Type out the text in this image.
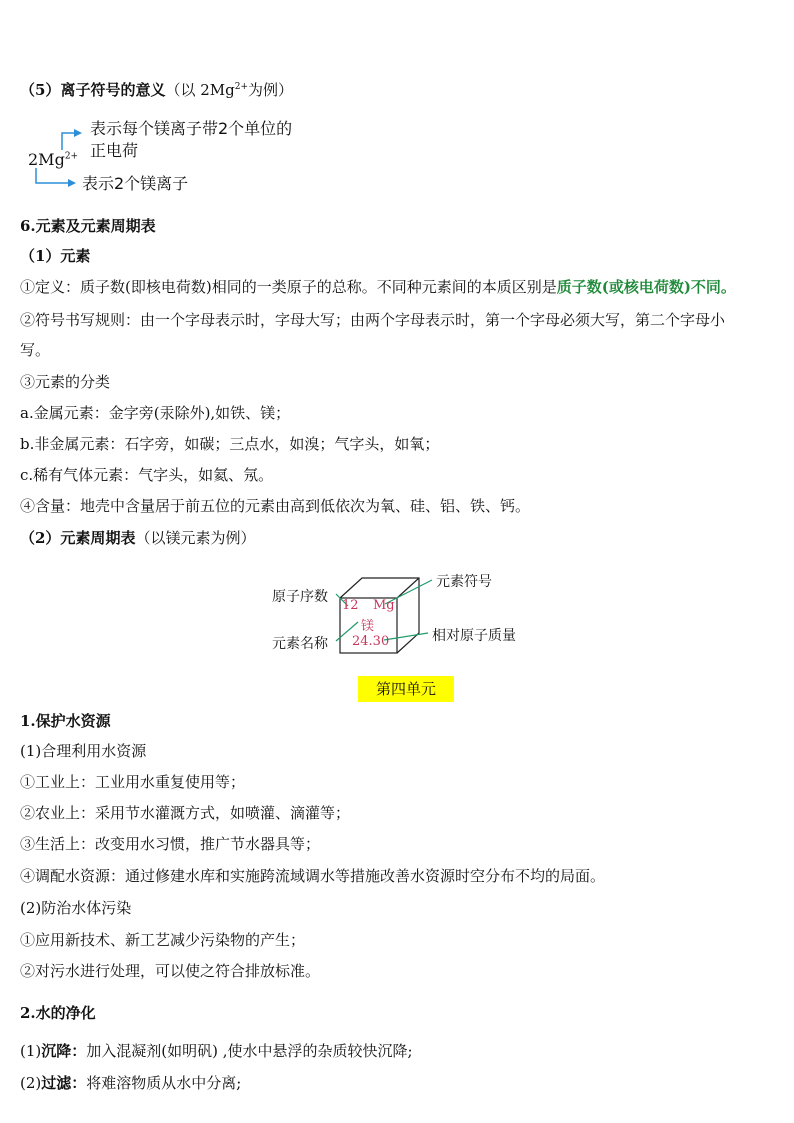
（5）离子符号的意义（以 $2Mg^{2+}$为例）
$2Mg^{2+}$
表示每个镁离子带2个单位的
正电荷
表示2个镁离子
6.元素及元素周期表
（1）元素
①定义：质子数(即核电荷数)相同的一类原子的总称。不同种元素间的本质区别是质子数(或核电荷数)不同。
②符号书写规则：由一个字母表示时，字母大写；由两个字母表示时，第一个字母必须大写，第二个字母小
写。
③元素的分类
a.金属元素：金字旁(汞除外),如铁、镁；
b.非金属元素：石字旁，如碳；三点水，如溴；气字头，如氧；
c.稀有气体元素：气字头，如氦、氖。
④含量：地壳中含量居于前五位的元素由高到低依次为氧、硅、铝、铁、钙。
（2）元素周期表（以镁元素为例）
12 Mg
镁
24.30
原子序数
元素名称
元素符号
相对原子质量
第四单元
1.保护水资源
(1)合理利用水资源
①工业上：工业用水重复使用等；
②农业上：采用节水灌溉方式，如喷灌、滴灌等；
③生活上：改变用水习惯，推广节水器具等；
④调配水资源：通过修建水库和实施跨流域调水等措施改善水资源时空分布不均的局面。
(2)防治水体污染
①应用新技术、新工艺减少污染物的产生；
②对污水进行处理，可以使之符合排放标准。
2.水的净化
(1)沉降：加入混凝剂(如明矾) ,使水中悬浮的杂质较快沉降;
(2)过滤：将难溶物质从水中分离;
